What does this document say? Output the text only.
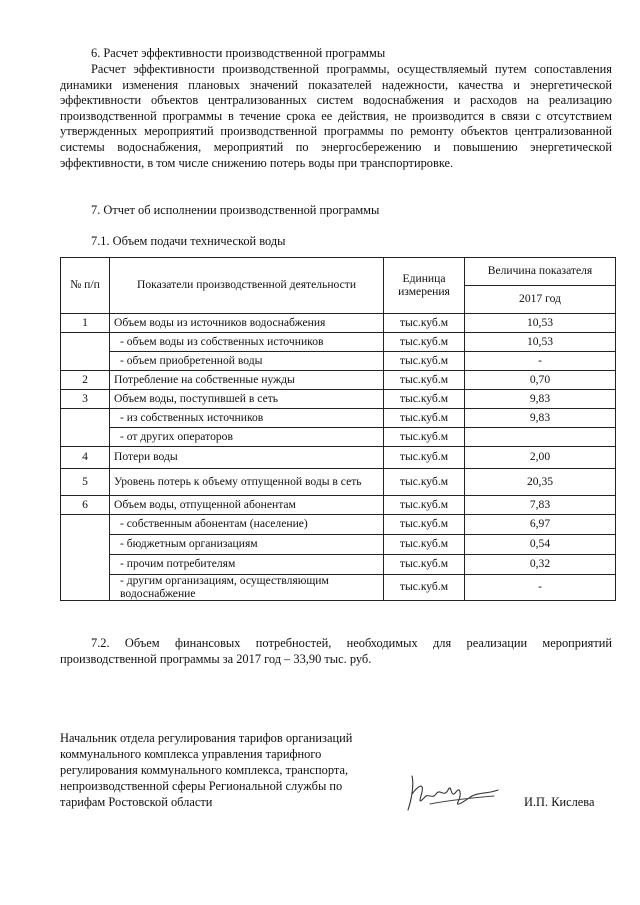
6. Расчет эффективности производственной программы

Расчет эффективности производственной программы, осуществляемый путем сопоставления динамики изменения плановых значений показателей надежности, качества и энергетической эффективности объектов централизованных систем водоснабжения и расходов на реализацию производственной программы в течение срока ее действия, не производится в связи с отсутствием утвержденных мероприятий производственной программы по ремонту объектов централизованной системы водоснабжения, мероприятий по энергосбережению и повышению энергетической эффективности, в том числе снижению потерь воды при транспортировке.

7. Отчет об исполнении производственной программы
7.1. Объем подачи технической воды
№ п/п	Показатели производственной деятельности	Единица измерения	Величина показателя
			2017 год
1	Объем воды из источников водоснабжения	тыс.куб.м	10,53
	- объем воды из собственных источников	тыс.куб.м	10,53
	- объем приобретенной воды	тыс.куб.м	-
2	Потребление на собственные нужды	тыс.куб.м	0,70
3	Объем воды, поступившей в сеть	тыс.куб.м	9,83
	- из собственных источников	тыс.куб.м	9,83
	- от других операторов	тыс.куб.м	
4	Потери воды	тыс.куб.м	2,00
5	Уровень потерь к объему отпущенной воды в сеть	тыс.куб.м	20,35
6	Объем воды, отпущенной абонентам	тыс.куб.м	7,83
	- собственным абонентам (население)	тыс.куб.м	6,97
	- бюджетным организациям	тыс.куб.м	0,54
	- прочим потребителям	тыс.куб.м	0,32
	- другим организациям, осуществляющим водоснабжение	тыс.куб.м	-

7.2. Объем финансовых потребностей, необходимых для реализации мероприятий производственной программы за 2017 год – 33,90 тыс. руб.

Начальник отдела регулирования тарифов организаций
коммунального комплекса управления тарифного
регулирования коммунального комплекса, транспорта,
непроизводственной сферы Региональной службы по
тарифам Ростовской области	И.П. Кислева
